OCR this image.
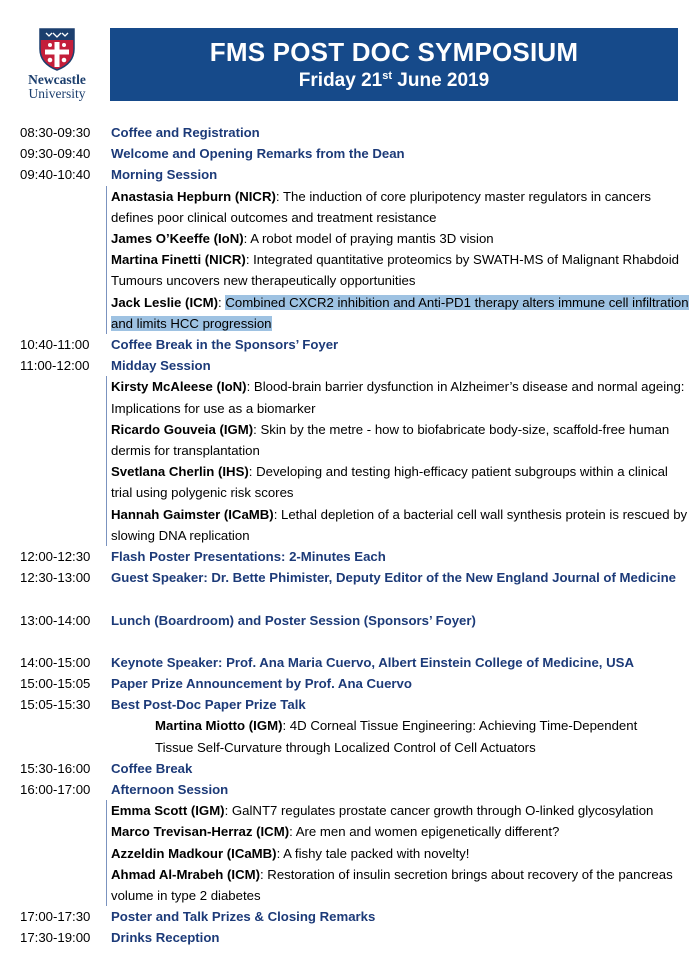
Newcastle
University
FMS POST DOC SYMPOSIUM
Friday 21st June 2019
08:30-09:30 Coffee and Registration
09:30-09:40 Welcome and Opening Remarks from the Dean
09:40-10:40 Morning Session
Anastasia Hepburn (NICR): The induction of core pluripotency master regulators in cancers defines poor clinical outcomes and treatment resistance
James O’Keeffe (IoN): A robot model of praying mantis 3D vision
Martina Finetti (NICR): Integrated quantitative proteomics by SWATH-MS of Malignant Rhabdoid Tumours uncovers new therapeutically opportunities
Jack Leslie (ICM): Combined CXCR2 inhibition and Anti-PD1 therapy alters immune cell infiltration and limits HCC progression
10:40-11:00 Coffee Break in the Sponsors’ Foyer
11:00-12:00 Midday Session
Kirsty McAleese (IoN): Blood-brain barrier dysfunction in Alzheimer’s disease and normal ageing: Implications for use as a biomarker
Ricardo Gouveia (IGM): Skin by the metre - how to biofabricate body-size, scaffold-free human dermis for transplantation
Svetlana Cherlin (IHS): Developing and testing high-efficacy patient subgroups within a clinical trial using polygenic risk scores
Hannah Gaimster (ICaMB): Lethal depletion of a bacterial cell wall synthesis protein is rescued by slowing DNA replication
12:00-12:30 Flash Poster Presentations: 2-Minutes Each
12:30-13:00 Guest Speaker: Dr. Bette Phimister, Deputy Editor of the New England Journal of Medicine
13:00-14:00 Lunch (Boardroom) and Poster Session (Sponsors’ Foyer)
14:00-15:00 Keynote Speaker: Prof. Ana Maria Cuervo, Albert Einstein College of Medicine, USA
15:00-15:05 Paper Prize Announcement by Prof. Ana Cuervo
15:05-15:30 Best Post-Doc Paper Prize Talk
Martina Miotto (IGM): 4D Corneal Tissue Engineering: Achieving Time-Dependent Tissue Self-Curvature through Localized Control of Cell Actuators
15:30-16:00 Coffee Break
16:00-17:00 Afternoon Session
Emma Scott (IGM): GalNT7 regulates prostate cancer growth through O-linked glycosylation
Marco Trevisan-Herraz (ICM): Are men and women epigenetically different?
Azzeldin Madkour (ICaMB): A fishy tale packed with novelty!
Ahmad Al-Mrabeh (ICM): Restoration of insulin secretion brings about recovery of the pancreas volume in type 2 diabetes
17:00-17:30 Poster and Talk Prizes & Closing Remarks
17:30-19:00 Drinks Reception
